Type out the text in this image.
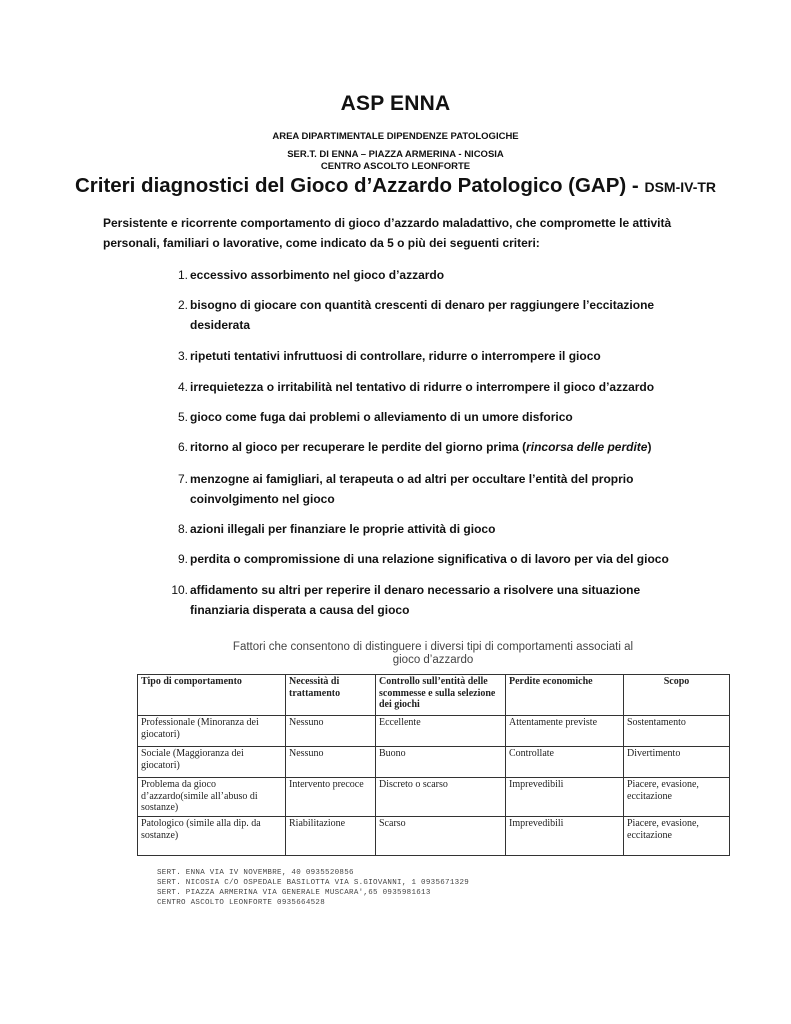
ASP ENNA
AREA DIPARTIMENTALE DIPENDENZE PATOLOGICHE
SER.T. DI ENNA – PIAZZA ARMERINA - NICOSIA
CENTRO ASCOLTO LEONFORTE
Criteri diagnostici del Gioco d’Azzardo Patologico (GAP) - DSM-IV-TR
Persistente e ricorrente comportamento di gioco d’azzardo maladattivo, che compromette le attività personali, familiari o lavorative, come indicato da 5 o più dei seguenti criteri:
1. eccessivo assorbimento nel gioco d’azzardo
2. bisogno di giocare con quantità crescenti di denaro per raggiungere l’eccitazione desiderata
3. ripetuti tentativi infruttuosi di controllare, ridurre o interrompere il gioco
4. irrequietezza o irritabilità nel tentativo di ridurre o interrompere il gioco d’azzardo
5. gioco come fuga dai problemi o alleviamento di un umore disforico
6. ritorno al gioco per recuperare le perdite del giorno prima (rincorsa delle perdite)
7. menzogne ai famigliari, al terapeuta o ad altri per occultare l’entità del proprio coinvolgimento nel gioco
8. azioni illegali per finanziare le proprie attività di gioco
9. perdita o compromissione di una relazione significativa o di lavoro per via del gioco
10. affidamento su altri per reperire il denaro necessario a risolvere una situazione finanziaria disperata a causa del gioco
Fattori che consentono di distinguere i diversi tipi di comportamenti associati al
gioco d’azzardo
Tipo di comportamento	Necessità di trattamento	Controllo sull’entità delle scommesse e sulla selezione dei giochi	Perdite economiche	Scopo
Professionale (Minoranza dei giocatori)	Nessuno	Eccellente	Attentamente previste	Sostentamento
Sociale (Maggioranza dei giocatori)	Nessuno	Buono	Controllate	Divertimento
Problema da gioco d’azzardo(simile all’abuso di sostanze)	Intervento precoce	Discreto o scarso	Imprevedibili	Piacere, evasione, eccitazione
Patologico (simile alla dip. da sostanze)	Riabilitazione	Scarso	Imprevedibili	Piacere, evasione, eccitazione
SERT. ENNA VIA IV NOVEMBRE, 40 0935520856
SERT. NICOSIA C/O OSPEDALE BASILOTTA VIA S.GIOVANNI, 1 0935671329
SERT. PIAZZA ARMERINA VIA GENERALE MUSCARA',65 0935981613
CENTRO ASCOLTO LEONFORTE 0935664528
